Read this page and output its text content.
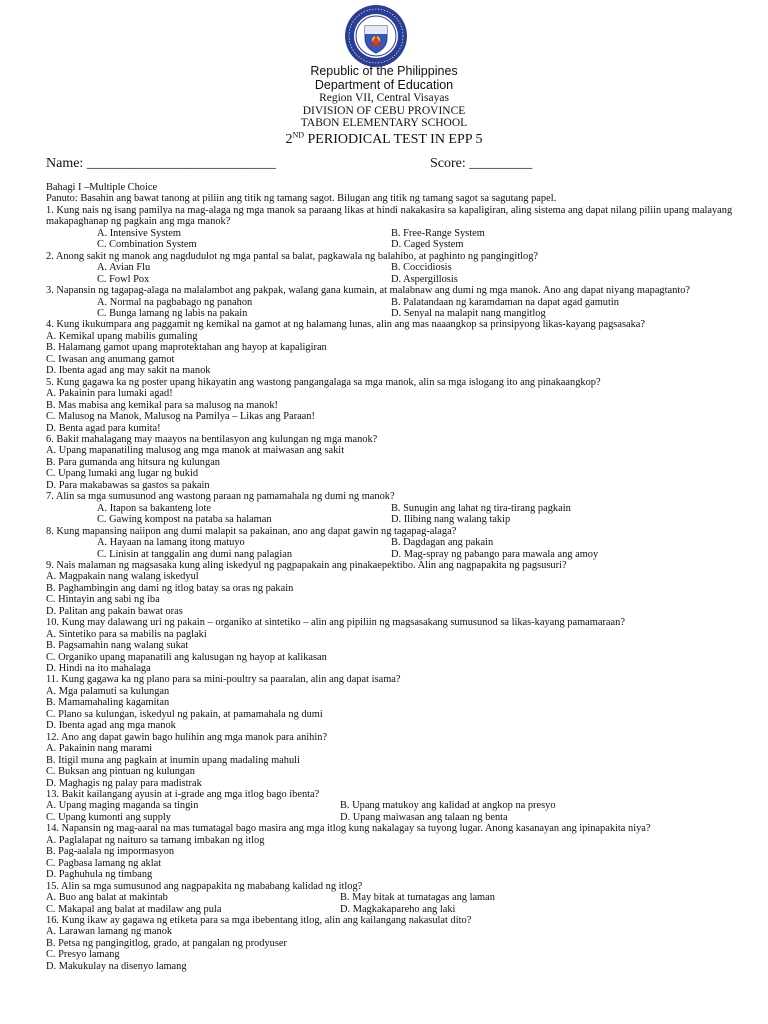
Republic of the Philippines
Department of Education
Region VII, Central Visayas
DIVISION OF CEBU PROVINCE
TABON ELEMENTARY SCHOOL
2ND PERIODICAL TEST IN EPP 5
Name: ___________________________	Score: _________
Bahagi I –Multiple Choice
Panuto: Basahin ang bawat tanong at piliin ang titik ng tamang sagot. Bilugan ang titik ng tamang sagot sa sagutang papel.
1. Kung nais ng isang pamilya na mag-alaga ng mga manok sa paraang likas at hindi nakakasira sa kapaligiran, aling sistema ang dapat nilang piliin upang malayang makapaghanap ng pagkain ang mga manok?
A. Intensive System	B. Free-Range System
C. Combination System	D. Caged System
2. Anong sakit ng manok ang nagdudulot ng mga pantal sa balat, pagkawala ng balahibo, at paghinto ng pangingitlog?
A. Avian Flu	B. Coccidiosis
C. Fowl Pox	D. Aspergillosis
3. Napansin ng tagapag-alaga na malalambot ang pakpak, walang gana kumain, at malabnaw ang dumi ng mga manok. Ano ang dapat niyang mapagtanto?
A. Normal na pagbabago ng panahon	B. Palatandaan ng karamdaman na dapat agad gamutin
C. Bunga lamang ng labis na pakain	D. Senyal na malapit nang mangitlog
4. Kung ikukumpara ang paggamit ng kemikal na gamot at ng halamang lunas, alin ang mas naaangkop sa prinsipyong likas-kayang pagsasaka?
A. Kemikal upang mabilis gumaling
B. Halamang gamot upang maprotektahan ang hayop at kapaligiran
C. Iwasan ang anumang gamot
D. Ibenta agad ang may sakit na manok
5. Kung gagawa ka ng poster upang hikayatin ang wastong pangangalaga sa mga manok, alin sa mga islogang ito ang pinakaangkop?
A. Pakainin para lumaki agad!
B. Mas mabisa ang kemikal para sa malusog na manok!
C. Malusog na Manok, Malusog na Pamilya – Likas ang Paraan!
D. Benta agad para kumita!
6. Bakit mahalagang may maayos na bentilasyon ang kulungan ng mga manok?
A. Upang mapanatiling malusog ang mga manok at maiwasan ang sakit
B. Para gumanda ang hitsura ng kulungan
C. Upang lumaki ang lugar ng bukid
D. Para makabawas sa gastos sa pakain
7. Alin sa mga sumusunod ang wastong paraan ng pamamahala ng dumi ng manok?
A. Itapon sa bakanteng lote	B. Sunugin ang lahat ng tira-tirang pagkain
C. Gawing kompost na pataba sa halaman	D. Ilibing nang walang takip
8. Kung mapansing naiipon ang dumi malapit sa pakainan, ano ang dapat gawin ng tagapag-alaga?
A. Hayaan na lamang itong matuyo	B. Dagdagan ang pakain
C. Linisin at tanggalin ang dumi nang palagian	D. Mag-spray ng pabango para mawala ang amoy
9. Nais malaman ng magsasaka kung aling iskedyul ng pagpapakain ang pinakaepektibo. Alin ang nagpapakita ng pagsusuri?
A. Magpakain nang walang iskedyul
B. Paghambingin ang dami ng itlog batay sa oras ng pakain
C. Hintayin ang sabi ng iba
D. Palitan ang pakain bawat oras
10. Kung may dalawang uri ng pakain – organiko at sintetiko – alin ang pipiliin ng magsasakang sumusunod sa likas-kayang pamamaraan?
A. Sintetiko para sa mabilis na paglaki
B. Pagsamahin nang walang sukat
C. Organiko upang mapanatili ang kalusugan ng hayop at kalikasan
D. Hindi na ito mahalaga
11. Kung gagawa ka ng plano para sa mini-poultry sa paaralan, alin ang dapat isama?
A. Mga palamuti sa kulungan
B. Mamamahaling kagamitan
C. Plano sa kulungan, iskedyul ng pakain, at pamamahala ng dumi
D. Ibenta agad ang mga manok
12. Ano ang dapat gawin bago hulihin ang mga manok para anihin?
A. Pakainin nang marami
B. Itigil muna ang pagkain at inumin upang madaling mahuli
C. Buksan ang pintuan ng kulungan
D. Maghagis ng palay para madistrak
13. Bakit kailangang ayusin at i-grade ang mga itlog bago ibenta?
A. Upang maging maganda sa tingin	B. Upang matukoy ang kalidad at angkop na presyo
C. Upang kumonti ang supply	D. Upang maiwasan ang talaan ng benta
14. Napansin ng mag-aaral na mas tumatagal bago masira ang mga itlog kung nakalagay sa tuyong lugar. Anong kasanayan ang ipinapakita niya?
A. Paglalapat ng naituro sa tamang imbakan ng itlog
B. Pag-aalala ng impormasyon
C. Pagbasa lamang ng aklat
D. Paghuhula ng timbang
15. Alin sa mga sumusunod ang nagpapakita ng mababang kalidad ng itlog?
A. Buo ang balat at makintab	B. May bitak at tumatagas ang laman
C. Makapal ang balat at madilaw ang pula	D. Magkakapareho ang laki
16. Kung ikaw ay gagawa ng etiketa para sa mga ibebentang itlog, alin ang kailangang nakasulat dito?
A. Larawan lamang ng manok
B. Petsa ng pangingitlog, grado, at pangalan ng prodyuser
C. Presyo lamang
D. Makukulay na disenyo lamang
